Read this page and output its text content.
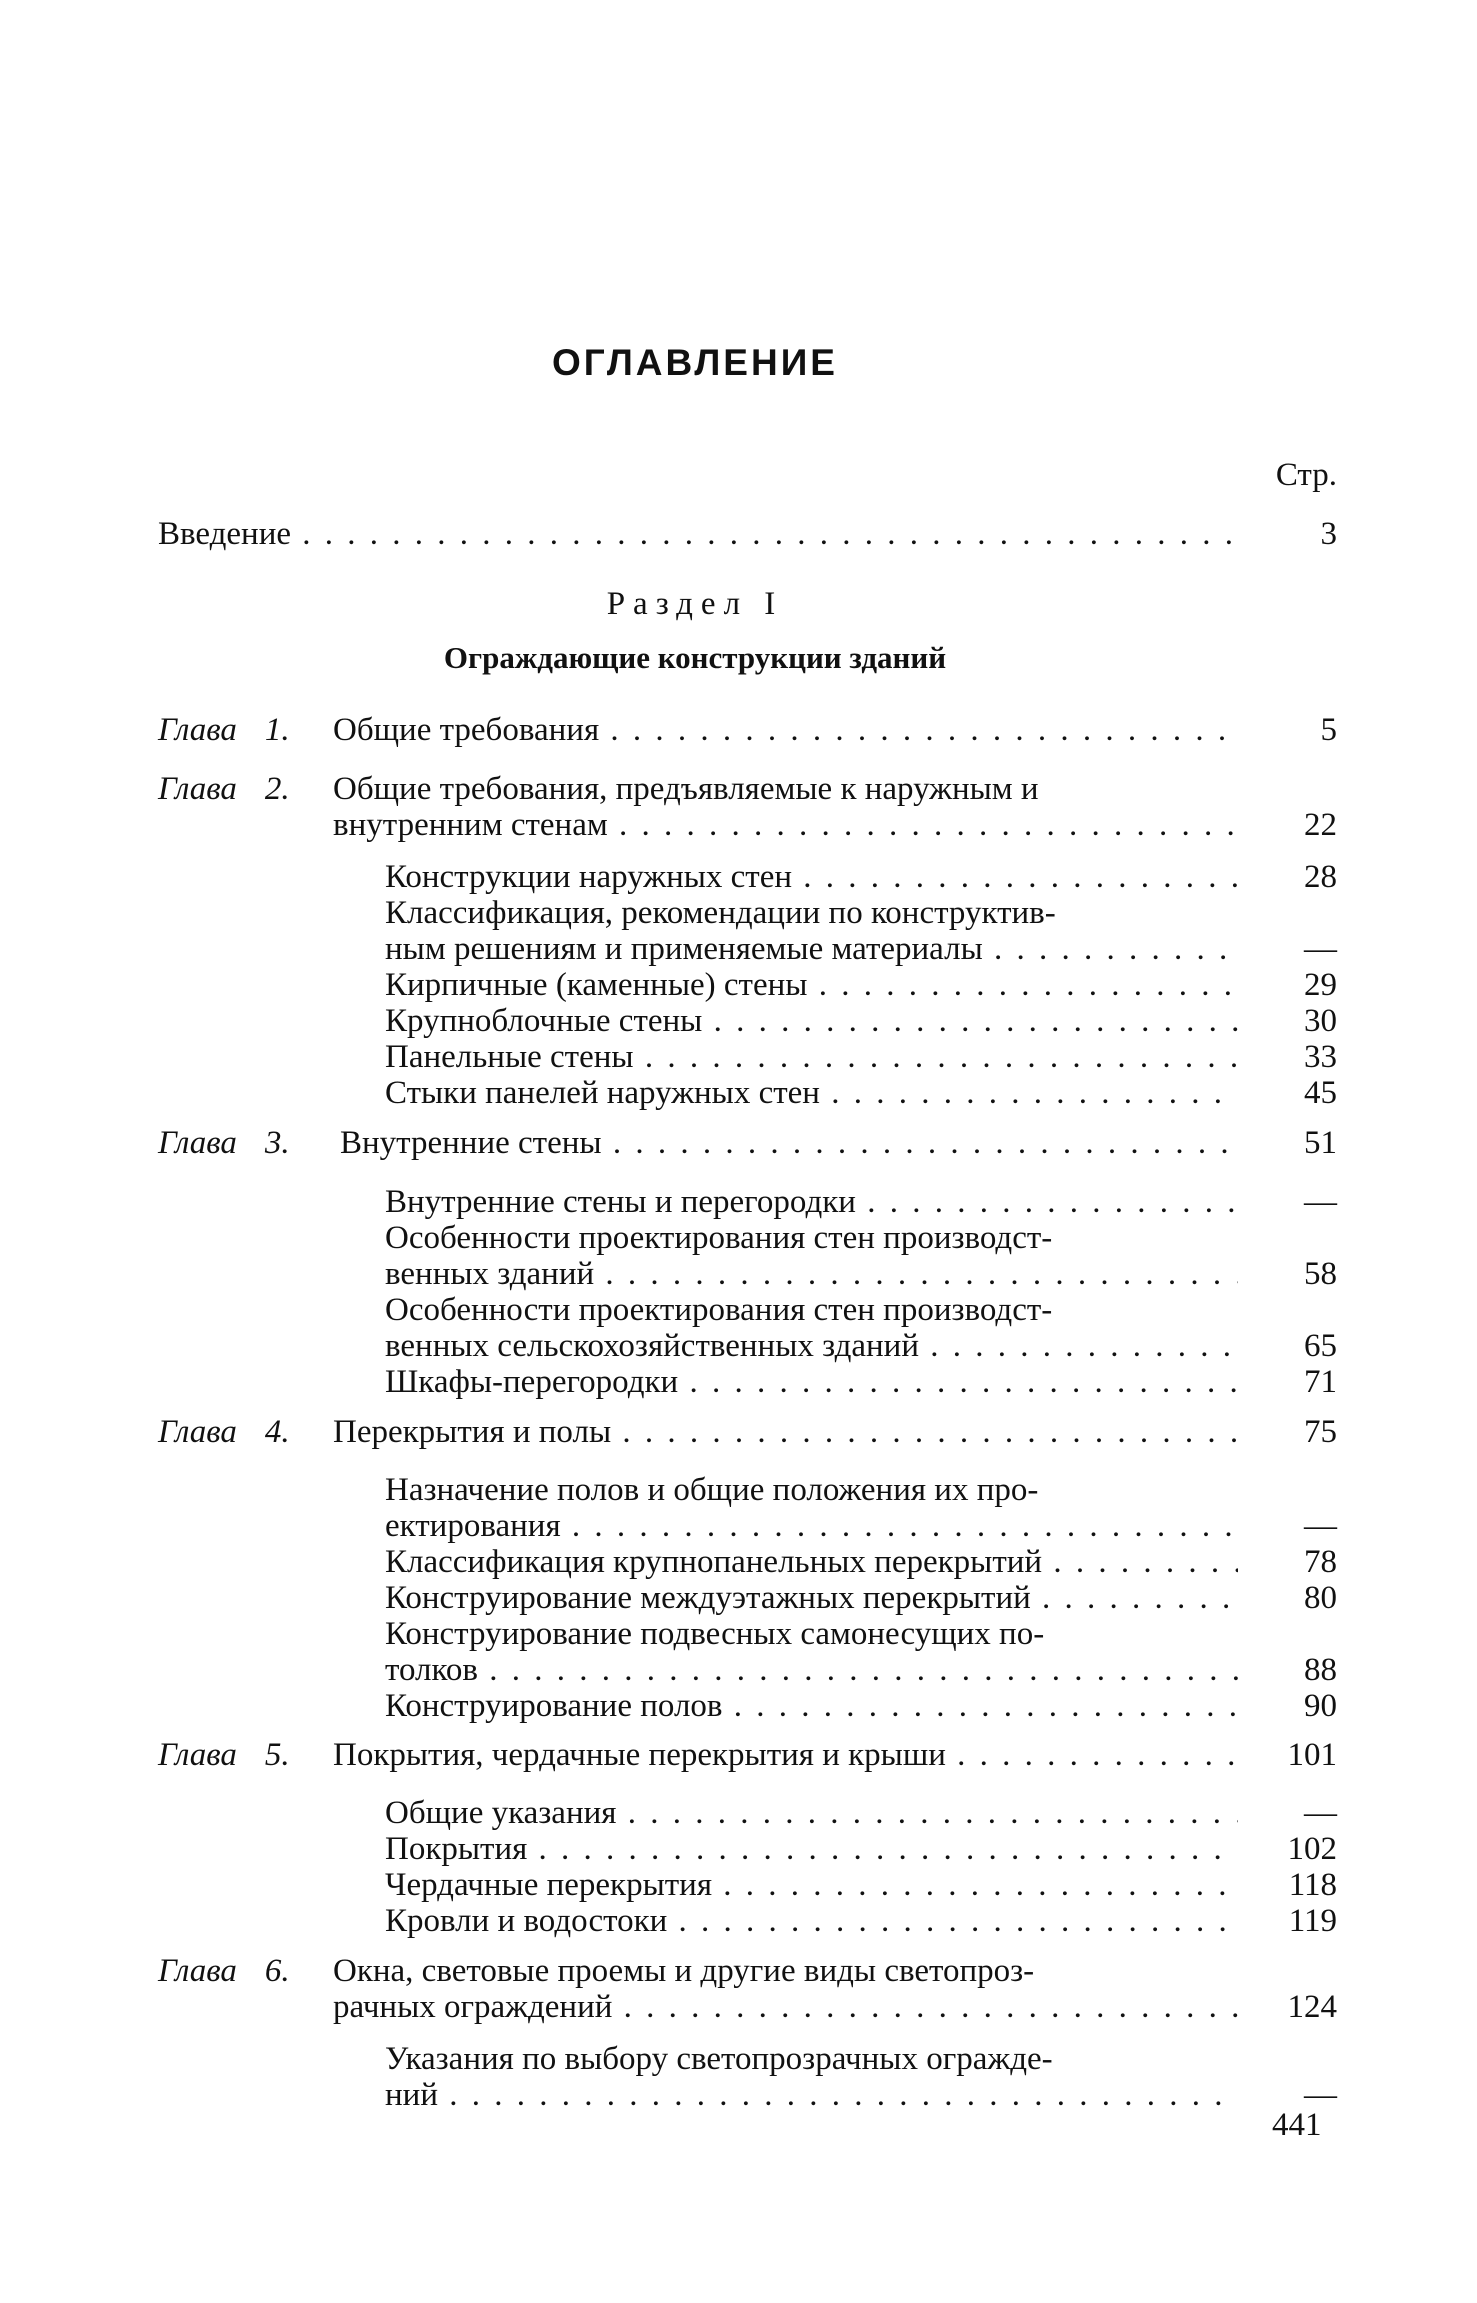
ОГЛАВЛЕНИЕ
Стр.
Введение . . .	3
Раздел I
Ограждающие конструкции зданий
Глава 1. Общие требования . . .	5
Глава 2. Общие требования, предъявляемые к наружным и
внутренним стенам . . .	22
Конструкции наружных стен . . .	28
Классификация, рекомендации по конструктив-
ным решениям и применяемые материалы . . .	—
Кирпичные (каменные) стены . . .	29
Крупноблочные стены . . .	30
Панельные стены . . .	33
Стыки панелей наружных стен . . .	45
Глава 3. Внутренние стены . . .	51
Внутренние стены и перегородки . . .	—
Особенности проектирования стен производст-
венных зданий . . .	58
Особенности проектирования стен производст-
венных сельскохозяйственных зданий . . .	65
Шкафы-перегородки . . .	71
Глава 4. Перекрытия и полы . . .	75
Назначение полов и общие положения их про-
ектирования . . .	—
Классификация крупнопанельных перекрытий . . .	78
Конструирование междуэтажных перекрытий . . .	80
Конструирование подвесных самонесущих по-
толков . . .	88
Конструирование полов . . .	90
Глава 5. Покрытия, чердачные перекрытия и крыши . . .	101
Общие указания . . .	—
Покрытия . . .	102
Чердачные перекрытия . . .	118
Кровли и водостоки . . .	119
Глава 6. Окна, световые проемы и другие виды светопроз-
рачных ограждений . . .	124
Указания по выбору светопрозрачных огражде-
ний . . .	—
441
